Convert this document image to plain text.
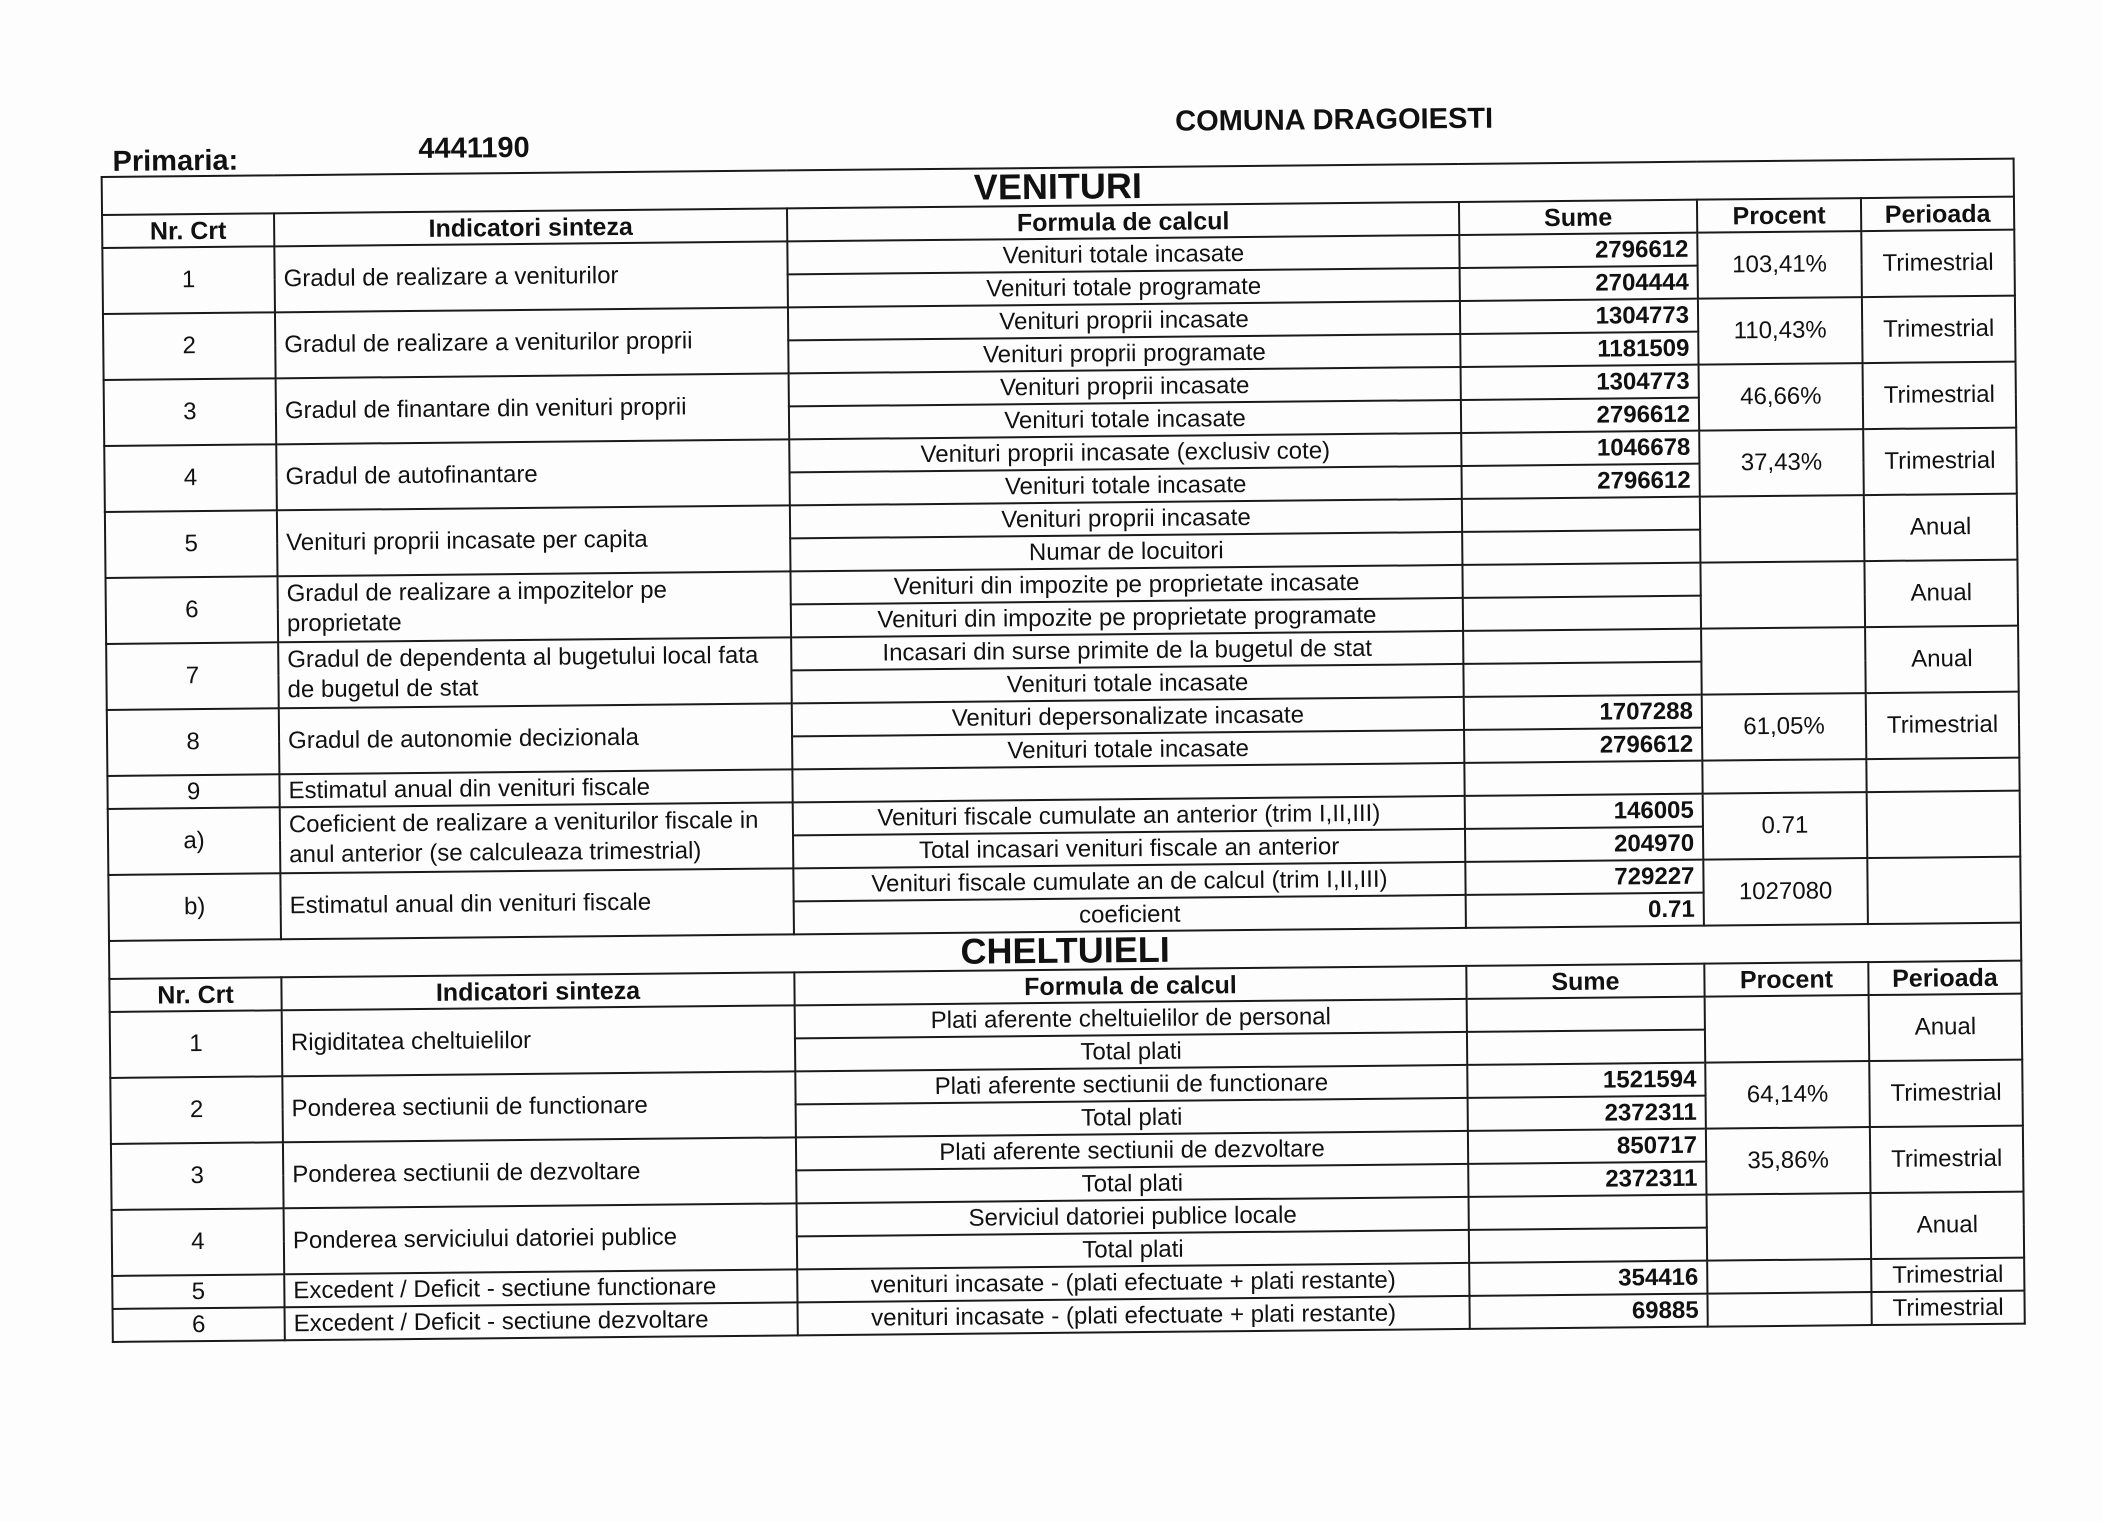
Primaria:	4441190
COMUNA DRAGOIESTI
VENITURI					
Nr. Crt	Indicatori sinteza	Formula de calcul	Sume	Procent	Perioada
1	Gradul de realizare a veniturilor	Venituri totale incasate	2796612	103,41%	Trimestrial
		Venituri totale programate	2704444		
2	Gradul de realizare a veniturilor proprii	Venituri proprii incasate	1304773	110,43%	Trimestrial
		Venituri proprii programate	1181509		
3	Gradul de finantare din venituri proprii	Venituri proprii incasate	1304773	46,66%	Trimestrial
		Venituri totale incasate	2796612		
4	Gradul de autofinantare	Venituri proprii incasate (exclusiv cote)	1046678	37,43%	Trimestrial
		Venituri totale incasate	2796612		
5	Venituri proprii incasate per capita	Venituri proprii incasate			Anual
		Numar de locuitori			
6	Gradul de realizare a impozitelor pe proprietate	Venituri din impozite pe proprietate incasate			Anual
		Venituri din impozite pe proprietate programate			
7	Gradul de dependenta al bugetului local fata de bugetul de stat	Incasari din surse primite de la bugetul de stat			Anual
		Venituri totale incasate			
8	Gradul de autonomie decizionala	Venituri depersonalizate incasate	1707288	61,05%	Trimestrial
		Venituri totale incasate	2796612		
9	Estimatul anual din venituri fiscale				
a)	Coeficient de realizare a veniturilor fiscale in anul anterior (se calculeaza trimestrial)	Venituri fiscale cumulate an anterior (trim I,II,III)	146005	0.71	
		Total incasari venituri fiscale an anterior	204970		
b)	Estimatul anual din venituri fiscale	Venituri fiscale cumulate an de calcul (trim I,II,III)	729227	1027080	
		coeficient	0.71		
CHELTUIELI					
Nr. Crt	Indicatori sinteza	Formula de calcul	Sume	Procent	Perioada
1	Rigiditatea cheltuielilor	Plati aferente cheltuielilor de personal			Anual
		Total plati			
2	Ponderea sectiunii de functionare	Plati aferente sectiunii de functionare	1521594	64,14%	Trimestrial
		Total plati	2372311		
3	Ponderea sectiunii de dezvoltare	Plati aferente sectiunii de dezvoltare	850717	35,86%	Trimestrial
		Total plati	2372311		
4	Ponderea serviciului datoriei publice	Serviciul datoriei publice locale			Anual
		Total plati			
5	Excedent / Deficit - sectiune functionare	venituri incasate - (plati efectuate + plati restante)	354416		Trimestrial
6	Excedent / Deficit - sectiune dezvoltare	venituri incasate - (plati efectuate + plati restante)	69885		Trimestrial
